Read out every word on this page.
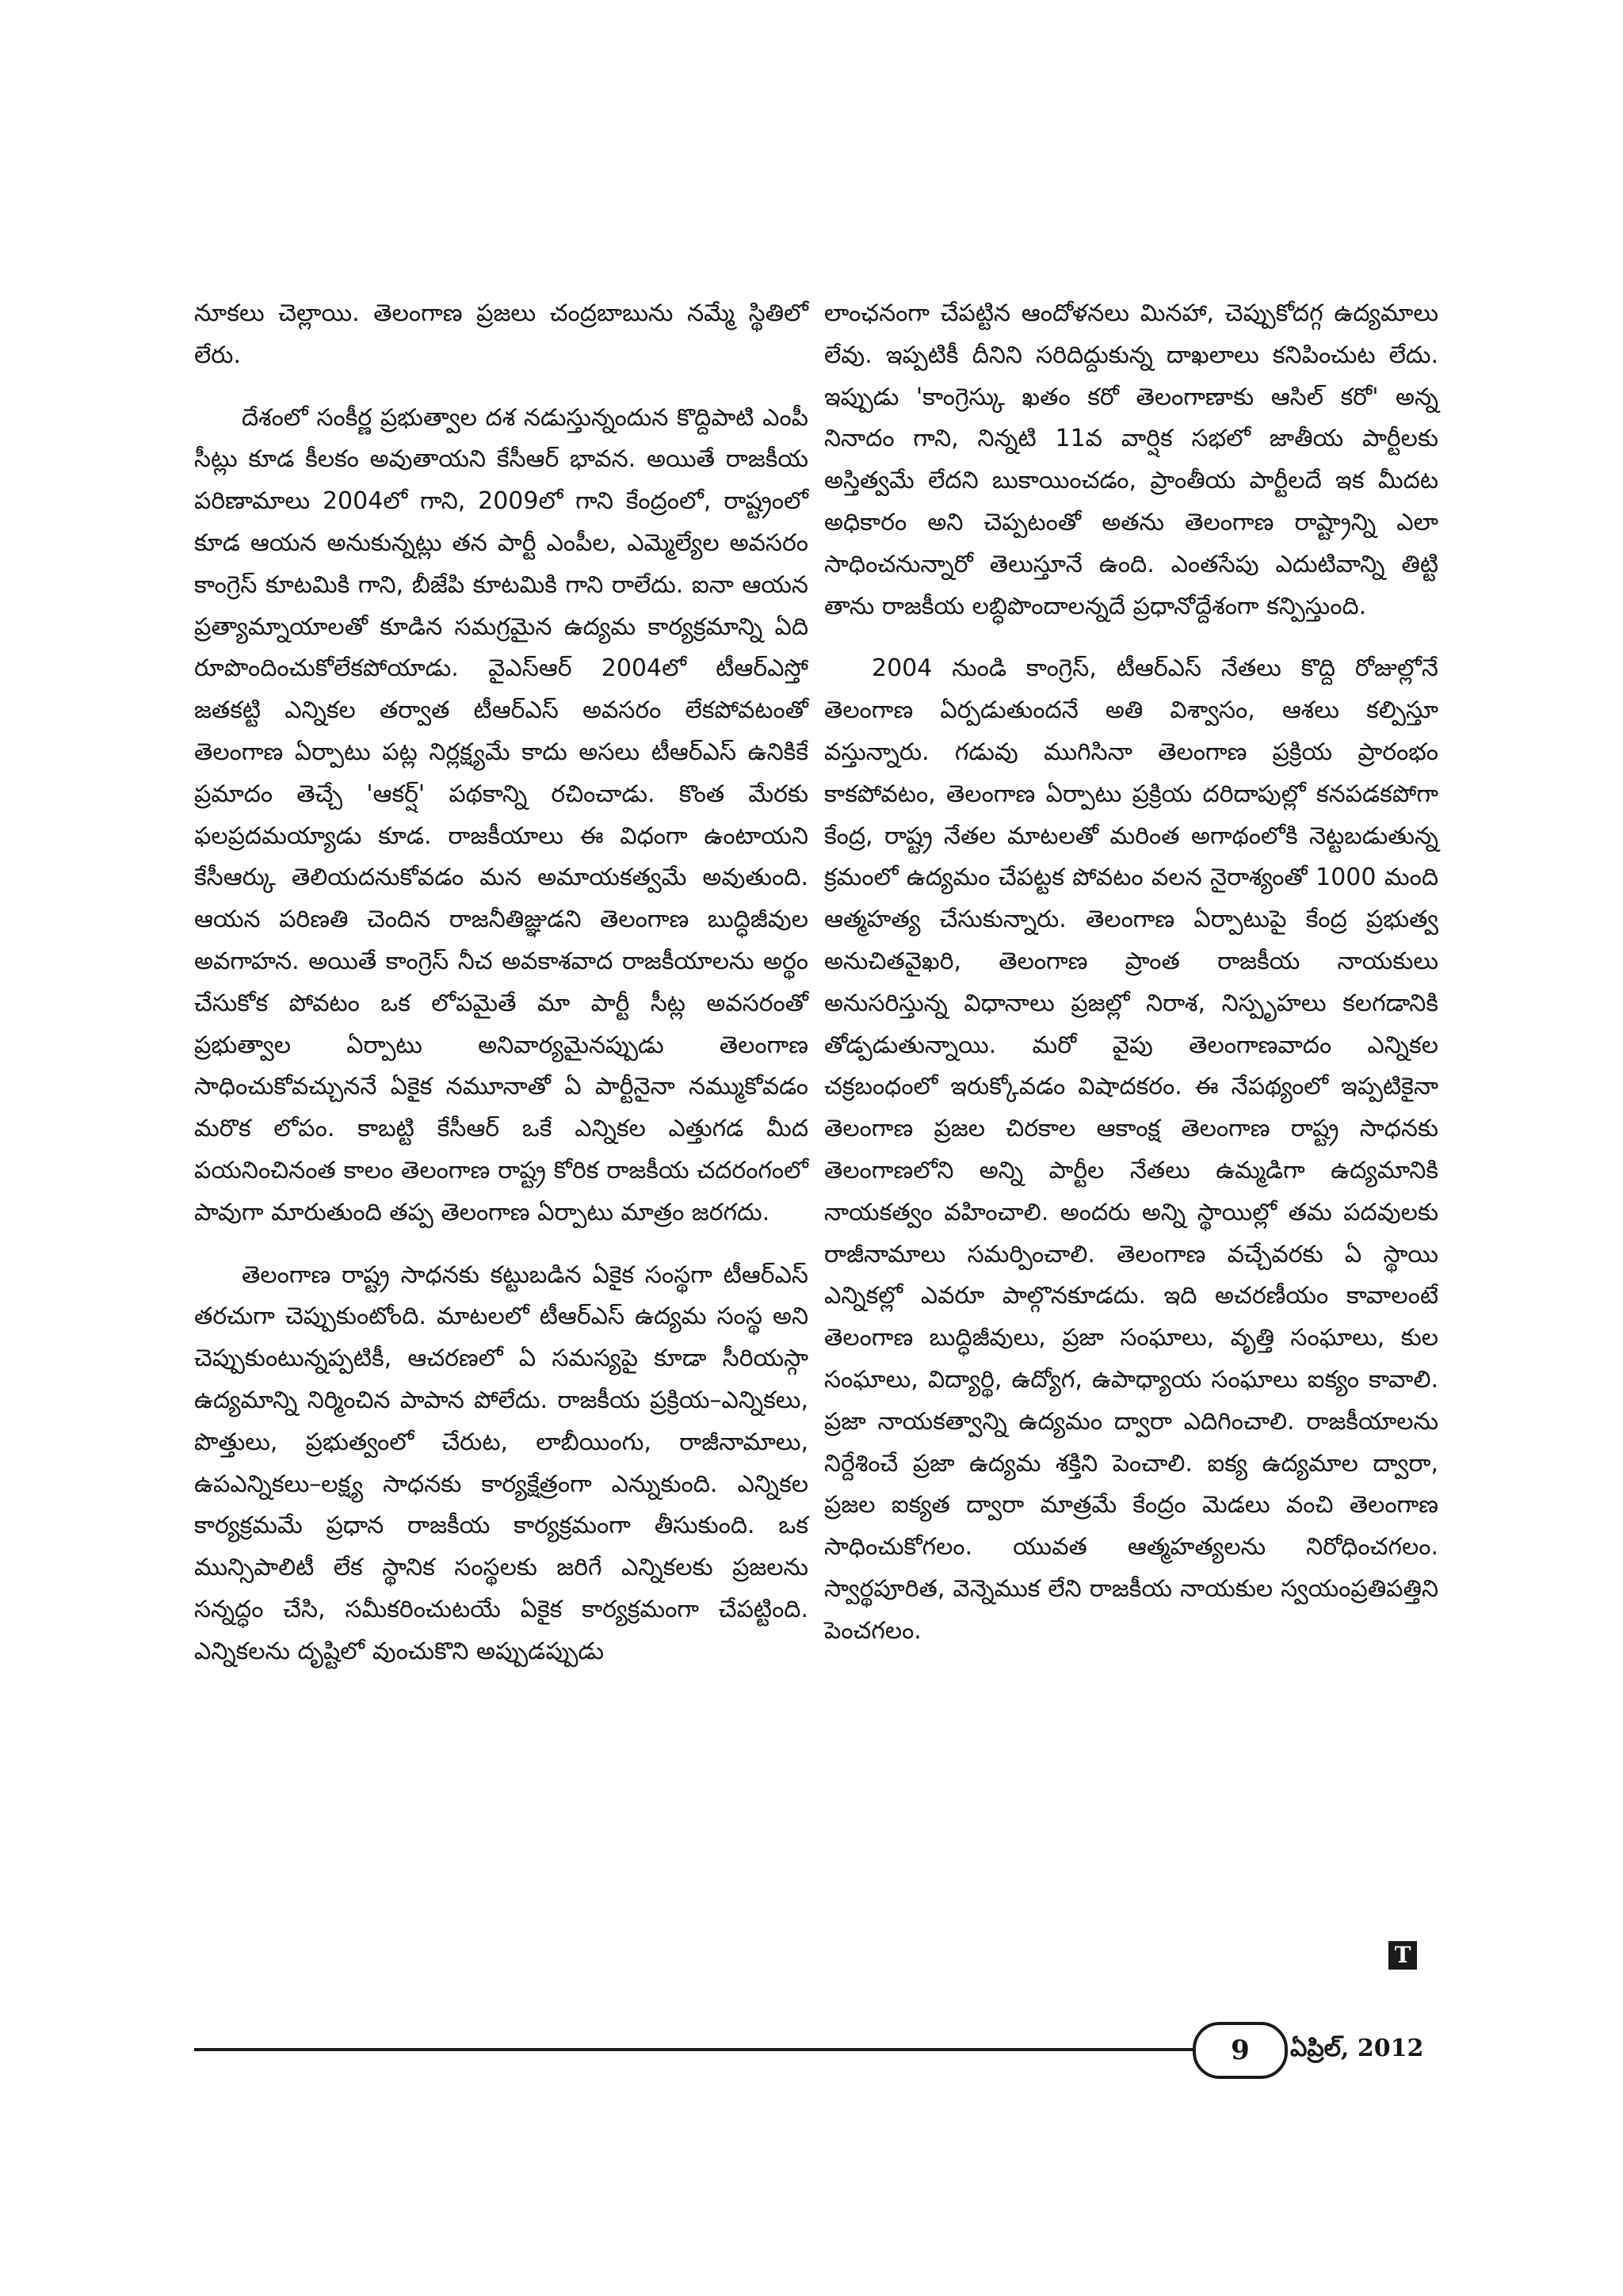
నూకలు చెల్లాయి. తెలంగాణ ప్రజలు చంద్రబాబును నమ్మే స్థితిలో లేరు.

దేశంలో సంకీర్ణ ప్రభుత్వాల దశ నడుస్తున్నందున కొద్దిపాటి ఎంపీ సీట్లు కూడ కీలకం అవుతాయని కేసీఆర్ భావన. అయితే రాజకీయ పరిణామాలు 2004లో గాని, 2009లో గాని కేంద్రంలో, రాష్ట్రంలో కూడ ఆయన అనుకున్నట్లు తన పార్టీ ఎంపీల, ఎమ్మెల్యేల అవసరం కాంగ్రెస్ కూటమికి గాని, బీజేపి కూటమికి గాని రాలేదు. ఐనా ఆయన ప్రత్యామ్నాయాలతో కూడిన సమగ్రమైన ఉద్యమ కార్యక్రమాన్ని ఏది రూపొందించుకోలేకపోయాడు. వైఎస్ఆర్ 2004లో టీఆర్ఎస్తో జతకట్టి ఎన్నికల తర్వాత టీఆర్ఎస్ అవసరం లేకపోవటంతో తెలంగాణ ఏర్పాటు పట్ల నిర్లక్ష్యమే కాదు అసలు టీఆర్ఎస్ ఉనికికే ప్రమాదం తెచ్చే 'ఆకర్ష్' పథకాన్ని రచించాడు. కొంత మేరకు ఫలప్రదమయ్యాడు కూడ. రాజకీయాలు ఈ విధంగా ఉంటాయని కేసీఆర్కు తెలియదనుకోవడం మన అమాయకత్వమే అవుతుంది. ఆయన పరిణతి చెందిన రాజనీతిజ్ఞుడని తెలంగాణ బుద్ధిజీవుల అవగాహన. అయితే కాంగ్రెస్ నీచ అవకాశవాద రాజకీయాలను అర్థం చేసుకోక పోవటం ఒక లోపమైతే మా పార్టీ సీట్ల అవసరంతో ప్రభుత్వాల ఏర్పాటు అనివార్యమైనప్పుడు తెలంగాణ సాధించుకోవచ్చుననే ఏకైక నమూనాతో ఏ పార్టీనైనా నమ్ముకోవడం మరొక లోపం. కాబట్టి కేసీఆర్ ఒకే ఎన్నికల ఎత్తుగడ మీద పయనించినంత కాలం తెలంగాణ రాష్ట్ర కోరిక రాజకీయ చదరంగంలో పావుగా మారుతుంది తప్ప తెలంగాణ ఏర్పాటు మాత్రం జరగదు.

తెలంగాణ రాష్ట్ర సాధనకు కట్టుబడిన ఏకైక సంస్థగా టీఆర్ఎస్ తరచుగా చెప్పుకుంటోంది. మాటలలో టీఆర్ఎస్ ఉద్యమ సంస్థ అని చెప్పుకుంటున్నప్పటికీ, ఆచరణలో ఏ సమస్యపై కూడా సీరియస్గా ఉద్యమాన్ని నిర్మించిన పాపాన పోలేదు. రాజకీయ ప్రక్రియ–ఎన్నికలు, పొత్తులు, ప్రభుత్వంలో చేరుట, లాబీయింగు, రాజీనామాలు, ఉపఎన్నికలు–లక్ష్య సాధనకు కార్యక్షేత్రంగా ఎన్నుకుంది. ఎన్నికల కార్యక్రమమే ప్రధాన రాజకీయ కార్యక్రమంగా తీసుకుంది. ఒక మున్సిపాలిటీ లేక స్థానిక సంస్థలకు జరిగే ఎన్నికలకు ప్రజలను సన్నద్ధం చేసి, సమీకరించుటయే ఏకైక కార్యక్రమంగా చేపట్టింది. ఎన్నికలను దృష్టిలో వుంచుకొని అప్పుడప్పుడు

లాంఛనంగా చేపట్టిన ఆందోళనలు మినహా, చెప్పుకోదగ్గ ఉద్యమాలు లేవు. ఇప్పటికీ దీనిని సరిదిద్దుకున్న దాఖలాలు కనిపించుట లేదు. ఇప్పుడు 'కాంగ్రెస్కు ఖతం కరో తెలంగాణాకు ఆసిల్ కరో' అన్న నినాదం గాని, నిన్నటి 11వ వార్షిక సభలో జాతీయ పార్టీలకు అస్తిత్వమే లేదని బుకాయించడం, ప్రాంతీయ పార్టీలదే ఇక మీదట అధికారం అని చెప్పటంతో అతను తెలంగాణ రాష్ట్రాన్ని ఎలా సాధించనున్నారో తెలుస్తూనే ఉంది. ఎంతసేపు ఎదుటివాన్ని తిట్టి తాను రాజకీయ లబ్ధిపొందాలన్నదే ప్రధానోద్దేశంగా కన్పిస్తుంది.

2004 నుండి కాంగ్రెస్, టీఆర్ఎస్ నేతలు కొద్ది రోజుల్లోనే తెలంగాణ ఏర్పడుతుందనే అతి విశ్వాసం, ఆశలు కల్పిస్తూ వస్తున్నారు. గడువు ముగిసినా తెలంగాణ ప్రక్రియ ప్రారంభం కాకపోవటం, తెలంగాణ ఏర్పాటు ప్రక్రియ దరిదాపుల్లో కనపడకపోగా కేంద్ర, రాష్ట్ర నేతల మాటలతో మరింత అగాథంలోకి నెట్టబడుతున్న క్రమంలో ఉద్యమం చేపట్టక పోవటం వలన నైరాశ్యంతో 1000 మంది ఆత్మహత్య చేసుకున్నారు. తెలంగాణ ఏర్పాటుపై కేంద్ర ప్రభుత్వ అనుచితవైఖరి, తెలంగాణ ప్రాంత రాజకీయ నాయకులు అనుసరిస్తున్న విధానాలు ప్రజల్లో నిరాశ, నిస్పృహలు కలగడానికి తోడ్పడుతున్నాయి. మరో వైపు తెలంగాణవాదం ఎన్నికల చక్రబంధంలో ఇరుక్కోవడం విషాదకరం. ఈ నేపథ్యంలో ఇప్పటికైనా తెలంగాణ ప్రజల చిరకాల ఆకాంక్ష తెలంగాణ రాష్ట్ర సాధనకు తెలంగాణలోని అన్ని పార్టీల నేతలు ఉమ్మడిగా ఉద్యమానికి నాయకత్వం వహించాలి. అందరు అన్ని స్థాయిల్లో తమ పదవులకు రాజీనామాలు సమర్పించాలి. తెలంగాణ వచ్చేవరకు ఏ స్థాయి ఎన్నికల్లో ఎవరూ పాల్గొనకూడదు. ఇది అచరణీయం కావాలంటే తెలంగాణ బుద్ధిజీవులు, ప్రజా సంఘాలు, వృత్తి సంఘాలు, కుల సంఘాలు, విద్యార్థి, ఉద్యోగ, ఉపాధ్యాయ సంఘాలు ఐక్యం కావాలి. ప్రజా నాయకత్వాన్ని ఉద్యమం ద్వారా ఎదిగించాలి. రాజకీయాలను నిర్దేశించే ప్రజా ఉద్యమ శక్తిని పెంచాలి. ఐక్య ఉద్యమాల ద్వారా, ప్రజల ఐక్యత ద్వారా మాత్రమే కేంద్రం మెడలు వంచి తెలంగాణ సాధించుకోగలం. యువత ఆత్మహత్యలను నిరోధించగలం. స్వార్థపూరిత, వెన్నెముక లేని రాజకీయ నాయకుల స్వయంప్రతిపత్తిని పెంచగలం.

T
9	ఏప్రిల్, 2012
